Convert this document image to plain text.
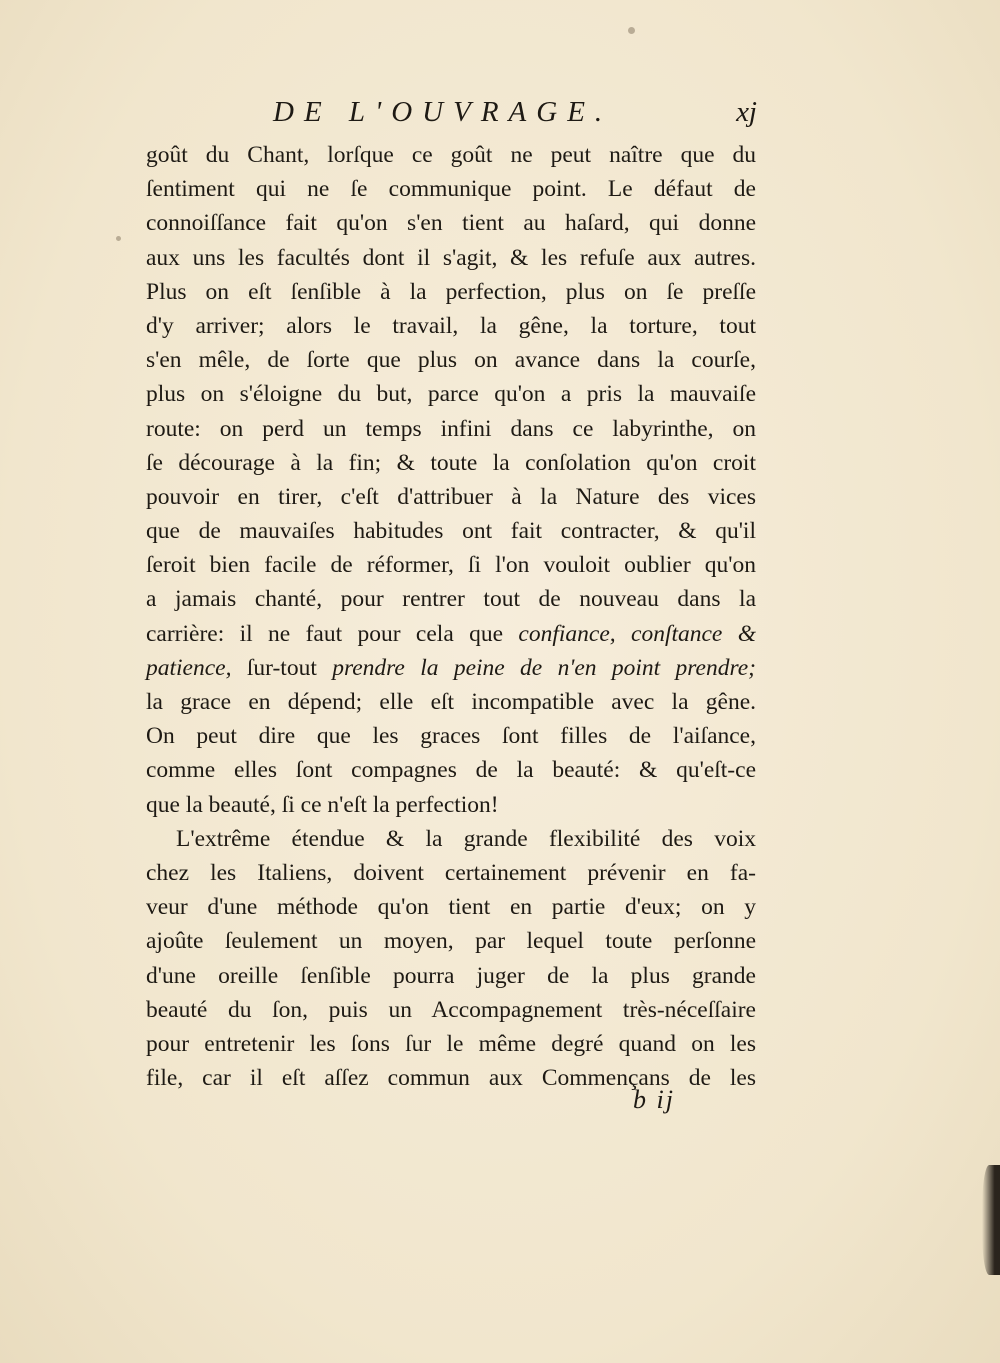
DE L'OUVRAGE.	xj
goût du Chant, lorſque ce goût ne peut naître que du
ſentiment qui ne ſe communique point. Le défaut de
connoiſſance fait qu'on s'en tient au haſard, qui donne
aux uns les facultés dont il s'agit, & les refuſe aux autres.
Plus on eſt ſenſible à la perfection, plus on ſe preſſe
d'y arriver; alors le travail, la gêne, la torture, tout
s'en mêle, de ſorte que plus on avance dans la courſe,
plus on s'éloigne du but, parce qu'on a pris la mauvaiſe
route: on perd un temps infini dans ce labyrinthe, on
ſe décourage à la fin; & toute la conſolation qu'on croit
pouvoir en tirer, c'eſt d'attribuer à la Nature des vices
que de mauvaiſes habitudes ont fait contracter, & qu'il
ſeroit bien facile de réformer, ſi l'on vouloit oublier qu'on
a jamais chanté, pour rentrer tout de nouveau dans la
carrière: il ne faut pour cela que confiance, conſtance &
patience, ſur-tout prendre la peine de n'en point prendre;
la grace en dépend; elle eſt incompatible avec la gêne.
On peut dire que les graces ſont filles de l'aiſance,
comme elles ſont compagnes de la beauté: & qu'eſt-ce
que la beauté, ſi ce n'eſt la perfection!
L'extrême étendue & la grande flexibilité des voix
chez les Italiens, doivent certainement prévenir en fa-
veur d'une méthode qu'on tient en partie d'eux; on y
ajoûte ſeulement un moyen, par lequel toute perſonne
d'une oreille ſenſible pourra juger de la plus grande
beauté du ſon, puis un Accompagnement très-néceſſaire
pour entretenir les ſons ſur le même degré quand on les
file, car il eſt aſſez commun aux Commençans de les
b ij
